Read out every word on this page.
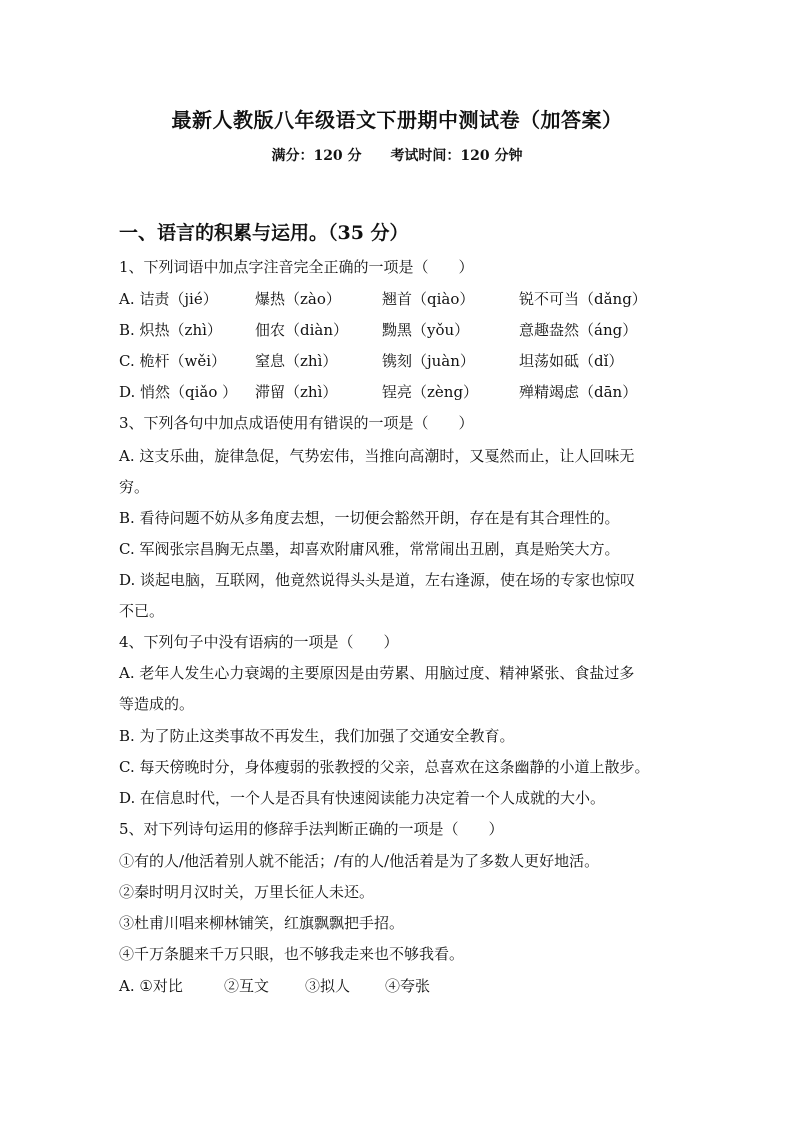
最新人教版八年级语文下册期中测试卷（加答案）
满分：120 分 考试时间：120 分钟
一、语言的积累与运用。（35 分）
1、下列词语中加点字注音完全正确的一项是（　　）
A. 诘责（jié） 爆热（zào）	翘首（qiào）	锐不可当（dǎng）
B. 炽热（zhì） 佃农（diàn） 黝黑（yǒu）	意趣盎然（áng）
C. 桅杆（wěi） 窒息（zhì）	镌刻（juàn）	坦荡如砥（dǐ）
D. 悄然（qiǎo ） 滞留（zhì）	锃亮（zèng）	殚精竭虑（dān）
3、下列各句中加点成语使用有错误的一项是（　　）
A. 这支乐曲，旋律急促，气势宏伟，当推向高潮时，又戛然而止，让人回味无
穷。
B. 看待问题不妨从多角度去想，一切便会豁然开朗，存在是有其合理性的。
C. 军阀张宗昌胸无点墨，却喜欢附庸风雅，常常闹出丑剧，真是贻笑大方。
D. 谈起电脑，互联网，他竟然说得头头是道，左右逢源，使在场的专家也惊叹
不已。
4、下列句子中没有语病的一项是（　　）
A. 老年人发生心力衰竭的主要原因是由劳累、用脑过度、精神紧张、食盐过多
等造成的。
B. 为了防止这类事故不再发生，我们加强了交通安全教育。
C. 每天傍晚时分，身体瘦弱的张教授的父亲，总喜欢在这条幽静的小道上散步。
D. 在信息时代，一个人是否具有快速阅读能力决定着一个人成就的大小。
5、对下列诗句运用的修辞手法判断正确的一项是（　　）
①有的人/他活着别人就不能活；/有的人/他活着是为了多数人更好地活。
②秦时明月汉时关，万里长征人未还。
③杜甫川唱来柳林铺笑，红旗飘飘把手招。
④千万条腿来千万只眼，也不够我走来也不够我看。
A. ①对比	②互文 ③拟人 ④夸张
